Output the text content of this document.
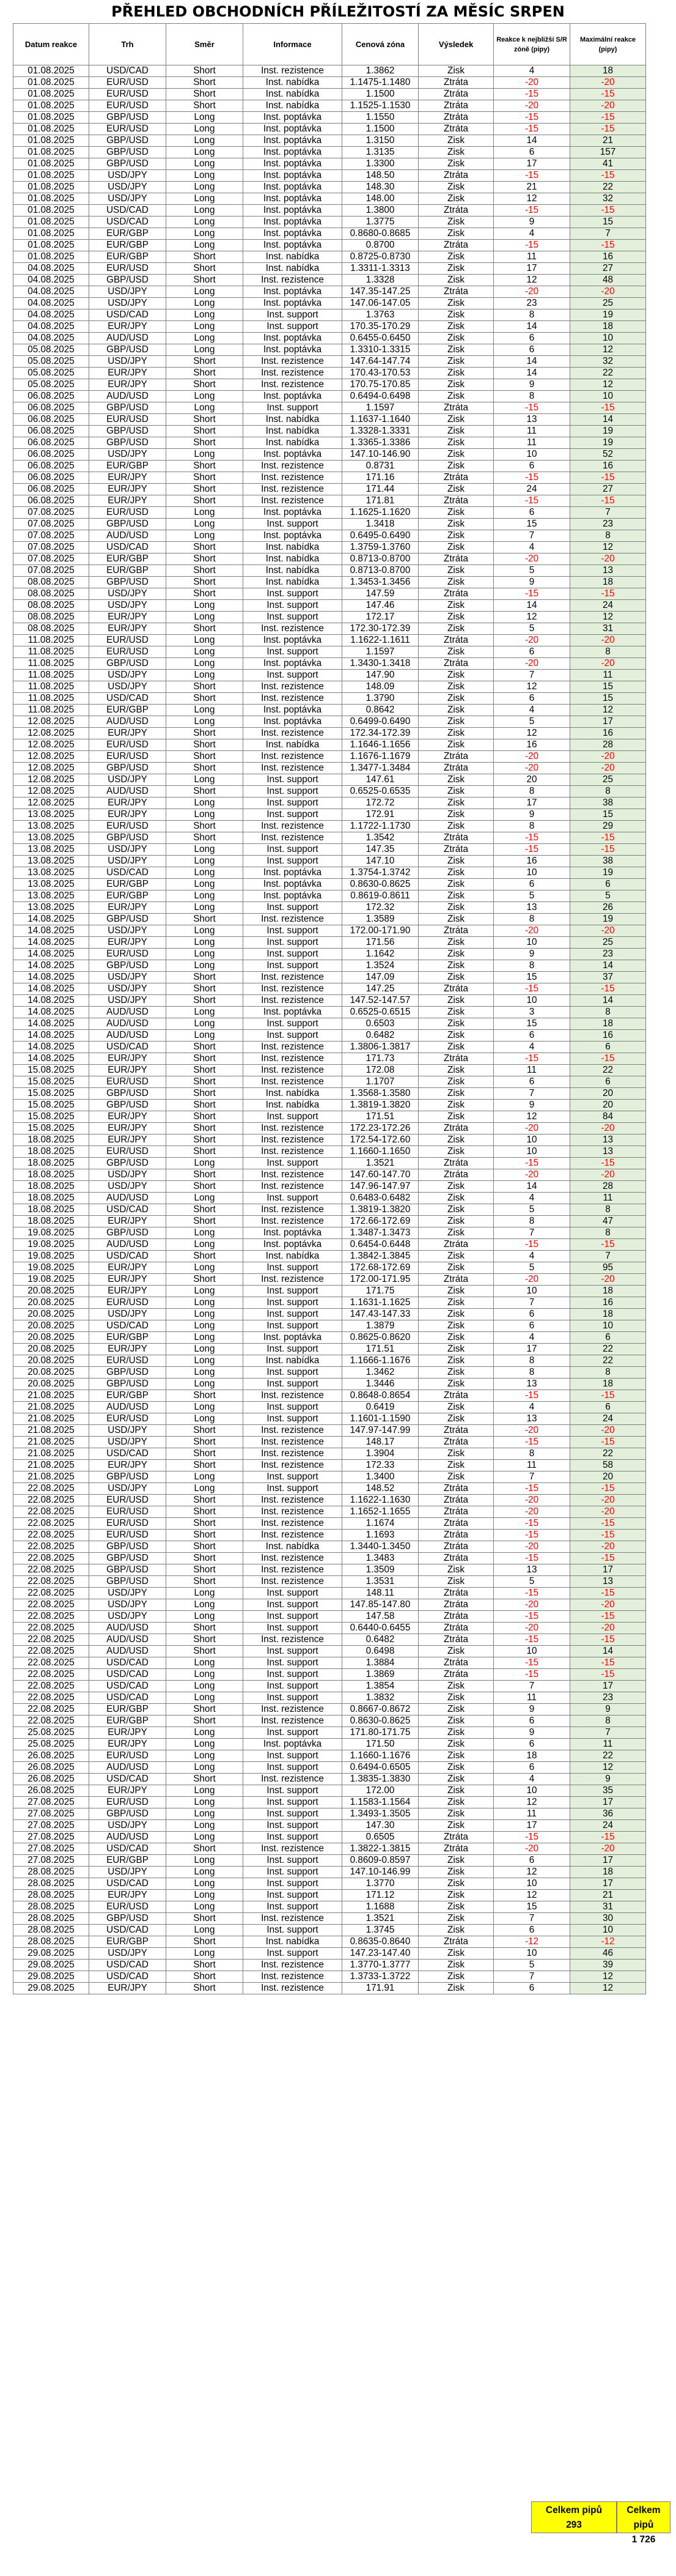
PŘEHLED OBCHODNÍCH PŘÍLEŽITOSTÍ ZA MĚSÍC SRPEN
Datum reakce	Trh	Směr	Informace	Cenová zóna	Výsledek	Reakce k nejbližší S/R zóně (pipy)	Maximální reakce (pipy)
01.08.2025	USD/CAD	Short	Inst. rezistence	1.3862	Zisk	4	18
01.08.2025	EUR/USD	Short	Inst. nabídka	1.1475-1.1480	Ztráta	-20	-20
01.08.2025	EUR/USD	Short	Inst. nabídka	1.1500	Ztráta	-15	-15
01.08.2025	EUR/USD	Short	Inst. nabídka	1.1525-1.1530	Ztráta	-20	-20
01.08.2025	GBP/USD	Long	Inst. poptávka	1.1550	Ztráta	-15	-15
01.08.2025	EUR/USD	Long	Inst. poptávka	1.1500	Ztráta	-15	-15
01.08.2025	GBP/USD	Long	Inst. poptávka	1.3150	Zisk	14	21
01.08.2025	GBP/USD	Long	Inst. poptávka	1.3135	Zisk	6	157
01.08.2025	GBP/USD	Long	Inst. poptávka	1.3300	Zisk	17	41
01.08.2025	USD/JPY	Long	Inst. poptávka	148.50	Ztráta	-15	-15
01.08.2025	USD/JPY	Long	Inst. poptávka	148.30	Zisk	21	22
01.08.2025	USD/JPY	Long	Inst. poptávka	148.00	Zisk	12	32
01.08.2025	USD/CAD	Long	Inst. poptávka	1.3800	Ztráta	-15	-15
01.08.2025	USD/CAD	Long	Inst. poptávka	1.3775	Zisk	9	15
01.08.2025	EUR/GBP	Long	Inst. poptávka	0.8680-0.8685	Zisk	4	7
01.08.2025	EUR/GBP	Long	Inst. poptávka	0.8700	Ztráta	-15	-15
01.08.2025	EUR/GBP	Short	Inst. nabídka	0.8725-0.8730	Zisk	11	16
04.08.2025	EUR/USD	Short	Inst. nabídka	1.3311-1.3313	Zisk	17	27
04.08.2025	GBP/USD	Short	Inst. rezistence	1.3328	Zisk	12	48
04.08.2025	USD/JPY	Long	Inst. poptávka	147.35-147.25	Ztráta	-20	-20
04.08.2025	USD/JPY	Long	Inst. poptávka	147.06-147.05	Zisk	23	25
04.08.2025	USD/CAD	Long	Inst. support	1.3763	Zisk	8	19
04.08.2025	EUR/JPY	Long	Inst. support	170.35-170.29	Zisk	14	18
04.08.2025	AUD/USD	Long	Inst. poptávka	0.6455-0.6450	Zisk	6	10
05.08.2025	GBP/USD	Long	Inst. poptávka	1.3310-1.3315	Zisk	6	12
05.08.2025	USD/JPY	Short	Inst. rezistence	147.64-147.74	Zisk	14	32
05.08.2025	EUR/JPY	Short	Inst. rezistence	170.43-170.53	Zisk	14	22
05.08.2025	EUR/JPY	Short	Inst. rezistence	170.75-170.85	Zisk	9	12
06.08.2025	AUD/USD	Long	Inst. poptávka	0.6494-0.6498	Zisk	8	10
06.08.2025	GBP/USD	Long	Inst. support	1.1597	Ztráta	-15	-15
06.08.2025	EUR/USD	Short	Inst. nabídka	1.1637-1.1640	Zisk	13	14
06.08.2025	GBP/USD	Short	Inst. nabídka	1.3328-1.3331	Zisk	11	19
06.08.2025	GBP/USD	Short	Inst. nabídka	1.3365-1.3386	Zisk	11	19
06.08.2025	USD/JPY	Long	Inst. poptávka	147.10-146.90	Zisk	10	52
06.08.2025	EUR/GBP	Short	Inst. rezistence	0.8731	Zisk	6	16
06.08.2025	EUR/JPY	Short	Inst. rezistence	171.16	Ztráta	-15	-15
06.08.2025	EUR/JPY	Short	Inst. rezistence	171.44	Zisk	24	27
06.08.2025	EUR/JPY	Short	Inst. rezistence	171.81	Ztráta	-15	-15
07.08.2025	EUR/USD	Long	Inst. poptávka	1.1625-1.1620	Zisk	6	7
07.08.2025	GBP/USD	Long	Inst. support	1.3418	Zisk	15	23
07.08.2025	AUD/USD	Long	Inst. poptávka	0.6495-0.6490	Zisk	7	8
07.08.2025	USD/CAD	Short	Inst. nabídka	1.3759-1.3760	Zisk	4	12
07.08.2025	EUR/GBP	Short	Inst. nabídka	0.8713-0.8700	Ztráta	-20	-20
07.08.2025	EUR/GBP	Short	Inst. nabídka	0.8713-0.8700	Zisk	5	13
08.08.2025	GBP/USD	Short	Inst. nabídka	1.3453-1.3456	Zisk	9	18
08.08.2025	USD/JPY	Short	Inst. support	147.59	Ztráta	-15	-15
08.08.2025	USD/JPY	Long	Inst. support	147.46	Zisk	14	24
08.08.2025	EUR/JPY	Long	Inst. support	172.17	Zisk	12	12
08.08.2025	EUR/JPY	Short	Inst. rezistence	172.30-172.39	Zisk	5	31
11.08.2025	EUR/USD	Long	Inst. poptávka	1.1622-1.1611	Ztráta	-20	-20
11.08.2025	EUR/USD	Long	Inst. support	1.1597	Zisk	6	8
11.08.2025	GBP/USD	Long	Inst. poptávka	1.3430-1.3418	Ztráta	-20	-20
11.08.2025	USD/JPY	Long	Inst. support	147.90	Zisk	7	11
11.08.2025	USD/JPY	Short	Inst. rezistence	148.09	Zisk	12	15
11.08.2025	USD/CAD	Short	Inst. rezistence	1.3790	Zisk	6	15
11.08.2025	EUR/GBP	Long	Inst. poptávka	0.8642	Zisk	4	12
12.08.2025	AUD/USD	Long	Inst. poptávka	0.6499-0.6490	Zisk	5	17
12.08.2025	EUR/JPY	Short	Inst. rezistence	172.34-172.39	Zisk	12	16
12.08.2025	EUR/USD	Short	Inst. nabídka	1.1646-1.1656	Zisk	16	28
12.08.2025	EUR/USD	Short	Inst. rezistence	1.1676-1.1679	Ztráta	-20	-20
12.08.2025	GBP/USD	Short	Inst. rezistence	1.3477-1.3484	Ztráta	-20	-20
12.08.2025	USD/JPY	Long	Inst. support	147.61	Zisk	20	25
12.08.2025	AUD/USD	Short	Inst. support	0.6525-0.6535	Zisk	8	8
12.08.2025	EUR/JPY	Long	Inst. support	172.72	Zisk	17	38
13.08.2025	EUR/JPY	Long	Inst. support	172.91	Zisk	9	15
13.08.2025	EUR/USD	Short	Inst. rezistence	1.1722-1.1730	Zisk	8	29
13.08.2025	GBP/USD	Short	Inst. rezistence	1.3542	Ztráta	-15	-15
13.08.2025	USD/JPY	Long	Inst. support	147.35	Ztráta	-15	-15
13.08.2025	USD/JPY	Long	Inst. support	147.10	Zisk	16	38
13.08.2025	USD/CAD	Long	Inst. poptávka	1.3754-1.3742	Zisk	10	19
13.08.2025	EUR/GBP	Long	Inst. poptávka	0.8630-0.8625	Zisk	6	6
13.08.2025	EUR/GBP	Long	Inst. poptávka	0.8619-0.8611	Zisk	5	5
13.08.2025	EUR/JPY	Long	Inst. support	172.32	Zisk	13	26
14.08.2025	GBP/USD	Short	Inst. rezistence	1.3589	Zisk	8	19
14.08.2025	USD/JPY	Long	Inst. support	172.00-171.90	Ztráta	-20	-20
14.08.2025	EUR/JPY	Long	Inst. support	171.56	Zisk	10	25
14.08.2025	EUR/USD	Long	Inst. support	1.1642	Zisk	9	23
14.08.2025	GBP/USD	Long	Inst. support	1.3524	Zisk	8	14
14.08.2025	USD/JPY	Short	Inst. rezistence	147.09	Zisk	15	37
14.08.2025	USD/JPY	Short	Inst. rezistence	147.25	Ztráta	-15	-15
14.08.2025	USD/JPY	Short	Inst. rezistence	147.52-147.57	Zisk	10	14
14.08.2025	AUD/USD	Long	Inst. poptávka	0.6525-0.6515	Zisk	3	8
14.08.2025	AUD/USD	Long	Inst. support	0.6503	Zisk	15	18
14.08.2025	AUD/USD	Long	Inst. support	0.6482	Zisk	6	16
14.08.2025	USD/CAD	Short	Inst. rezistence	1.3806-1.3817	Zisk	4	6
14.08.2025	EUR/JPY	Short	Inst. rezistence	171.73	Ztráta	-15	-15
15.08.2025	EUR/JPY	Short	Inst. rezistence	172.08	Zisk	11	22
15.08.2025	EUR/USD	Short	Inst. rezistence	1.1707	Zisk	6	6
15.08.2025	GBP/USD	Short	Inst. nabídka	1.3568-1.3580	Zisk	7	20
15.08.2025	GBP/USD	Short	Inst. nabídka	1.3819-1.3820	Zisk	9	20
15.08.2025	EUR/JPY	Short	Inst. support	171.51	Zisk	12	84
15.08.2025	EUR/JPY	Short	Inst. rezistence	172.23-172.26	Ztráta	-20	-20
18.08.2025	EUR/JPY	Short	Inst. rezistence	172.54-172.60	Zisk	10	13
18.08.2025	EUR/USD	Short	Inst. rezistence	1.1660-1.1650	Zisk	10	13
18.08.2025	GBP/USD	Long	Inst. support	1.3521	Ztráta	-15	-15
18.08.2025	USD/JPY	Short	Inst. rezistence	147.60-147.70	Ztráta	-20	-20
18.08.2025	USD/JPY	Short	Inst. rezistence	147.96-147.97	Zisk	14	28
18.08.2025	AUD/USD	Long	Inst. support	0.6483-0.6482	Zisk	4	11
18.08.2025	USD/CAD	Short	Inst. rezistence	1.3819-1.3820	Zisk	5	8
18.08.2025	EUR/JPY	Short	Inst. rezistence	172.66-172.69	Zisk	8	47
19.08.2025	GBP/USD	Long	Inst. poptávka	1.3487-1.3473	Zisk	7	8
19.08.2025	AUD/USD	Long	Inst. poptávka	0.6454-0.6448	Ztráta	-15	-15
19.08.2025	USD/CAD	Short	Inst. nabídka	1.3842-1.3845	Zisk	4	7
19.08.2025	EUR/JPY	Long	Inst. support	172.68-172.69	Zisk	5	95
19.08.2025	EUR/JPY	Short	Inst. rezistence	172.00-171.95	Ztráta	-20	-20
20.08.2025	EUR/JPY	Long	Inst. support	171.75	Zisk	10	18
20.08.2025	EUR/USD	Long	Inst. support	1.1631-1.1625	Zisk	7	16
20.08.2025	USD/JPY	Long	Inst. support	147.43-147.33	Zisk	6	18
20.08.2025	USD/CAD	Long	Inst. support	1.3879	Zisk	6	10
20.08.2025	EUR/GBP	Long	Inst. poptávka	0.8625-0.8620	Zisk	4	6
20.08.2025	EUR/JPY	Long	Inst. support	171.51	Zisk	17	22
20.08.2025	EUR/USD	Long	Inst. nabídka	1.1666-1.1676	Zisk	8	22
20.08.2025	GBP/USD	Long	Inst. support	1.3462	Zisk	8	8
20.08.2025	GBP/USD	Long	Inst. support	1.3446	Zisk	13	18
21.08.2025	EUR/GBP	Short	Inst. rezistence	0.8648-0.8654	Ztráta	-15	-15
21.08.2025	AUD/USD	Long	Inst. support	0.6419	Zisk	4	6
21.08.2025	EUR/USD	Long	Inst. support	1.1601-1.1590	Zisk	13	24
21.08.2025	USD/JPY	Short	Inst. rezistence	147.97-147.99	Ztráta	-20	-20
21.08.2025	USD/JPY	Short	Inst. rezistence	148.17	Ztráta	-15	-15
21.08.2025	USD/CAD	Short	Inst. rezistence	1.3904	Zisk	8	22
21.08.2025	EUR/JPY	Short	Inst. rezistence	172.33	Zisk	11	58
21.08.2025	GBP/USD	Long	Inst. support	1.3400	Zisk	7	20
22.08.2025	USD/JPY	Long	Inst. support	148.52	Ztráta	-15	-15
22.08.2025	EUR/USD	Short	Inst. rezistence	1.1622-1.1630	Ztráta	-20	-20
22.08.2025	EUR/USD	Short	Inst. rezistence	1.1652-1.1655	Ztráta	-20	-20
22.08.2025	EUR/USD	Short	Inst. rezistence	1.1674	Ztráta	-15	-15
22.08.2025	EUR/USD	Short	Inst. rezistence	1.1693	Ztráta	-15	-15
22.08.2025	GBP/USD	Short	Inst. nabídka	1.3440-1.3450	Ztráta	-20	-20
22.08.2025	GBP/USD	Short	Inst. rezistence	1.3483	Ztráta	-15	-15
22.08.2025	GBP/USD	Short	Inst. rezistence	1.3509	Zisk	13	17
22.08.2025	GBP/USD	Short	Inst. rezistence	1.3531	Zisk	5	13
22.08.2025	USD/JPY	Long	Inst. support	148.11	Ztráta	-15	-15
22.08.2025	USD/JPY	Long	Inst. support	147.85-147.80	Ztráta	-20	-20
22.08.2025	USD/JPY	Long	Inst. support	147.58	Ztráta	-15	-15
22.08.2025	AUD/USD	Short	Inst. support	0.6440-0.6455	Ztráta	-20	-20
22.08.2025	AUD/USD	Short	Inst. rezistence	0.6482	Ztráta	-15	-15
22.08.2025	AUD/USD	Short	Inst. support	0.6498	Zisk	10	14
22.08.2025	USD/CAD	Long	Inst. support	1.3884	Ztráta	-15	-15
22.08.2025	USD/CAD	Long	Inst. support	1.3869	Ztráta	-15	-15
22.08.2025	USD/CAD	Long	Inst. support	1.3854	Zisk	7	17
22.08.2025	USD/CAD	Long	Inst. support	1.3832	Zisk	11	23
22.08.2025	EUR/GBP	Short	Inst. rezistence	0.8667-0.8672	Zisk	9	9
22.08.2025	EUR/GBP	Short	Inst. rezistence	0.8630-0.8625	Zisk	6	8
25.08.2025	EUR/JPY	Long	Inst. support	171.80-171.75	Zisk	9	7
25.08.2025	EUR/JPY	Long	Inst. poptávka	171.50	Zisk	6	11
26.08.2025	EUR/USD	Long	Inst. support	1.1660-1.1676	Zisk	18	22
26.08.2025	AUD/USD	Long	Inst. support	0.6494-0.6505	Zisk	6	12
26.08.2025	USD/CAD	Short	Inst. rezistence	1.3835-1.3830	Zisk	4	9
26.08.2025	EUR/JPY	Long	Inst. support	172.00	Zisk	10	35
27.08.2025	EUR/USD	Long	Inst. support	1.1583-1.1564	Zisk	12	17
27.08.2025	GBP/USD	Long	Inst. support	1.3493-1.3505	Zisk	11	36
27.08.2025	USD/JPY	Long	Inst. support	147.30	Zisk	17	24
27.08.2025	AUD/USD	Long	Inst. support	0.6505	Ztráta	-15	-15
27.08.2025	USD/CAD	Short	Inst. rezistence	1.3822-1.3815	Ztráta	-20	-20
27.08.2025	EUR/GBP	Long	Inst. support	0.8609-0.8597	Zisk	6	17
28.08.2025	USD/JPY	Long	Inst. support	147.10-146.99	Zisk	12	18
28.08.2025	USD/CAD	Long	Inst. support	1.3770	Zisk	10	17
28.08.2025	EUR/JPY	Long	Inst. support	171.12	Zisk	12	21
28.08.2025	EUR/USD	Long	Inst. support	1.1688	Zisk	15	31
28.08.2025	GBP/USD	Short	Inst. rezistence	1.3521	Zisk	7	30
28.08.2025	USD/CAD	Long	Inst. support	1.3745	Zisk	6	10
28.08.2025	EUR/GBP	Short	Inst. nabídka	0.8635-0.8640	Ztráta	-12	-12
29.08.2025	USD/JPY	Long	Inst. support	147.23-147.40	Zisk	10	46
29.08.2025	USD/CAD	Short	Inst. rezistence	1.3770-1.3777	Zisk	5	39
29.08.2025	USD/CAD	Short	Inst. rezistence	1.3733-1.3722	Zisk	7	12
29.08.2025	EUR/JPY	Short	Inst. rezistence	171.91	Zisk	6	12
Celkem pipů
293
Celkem pipů
1 726
